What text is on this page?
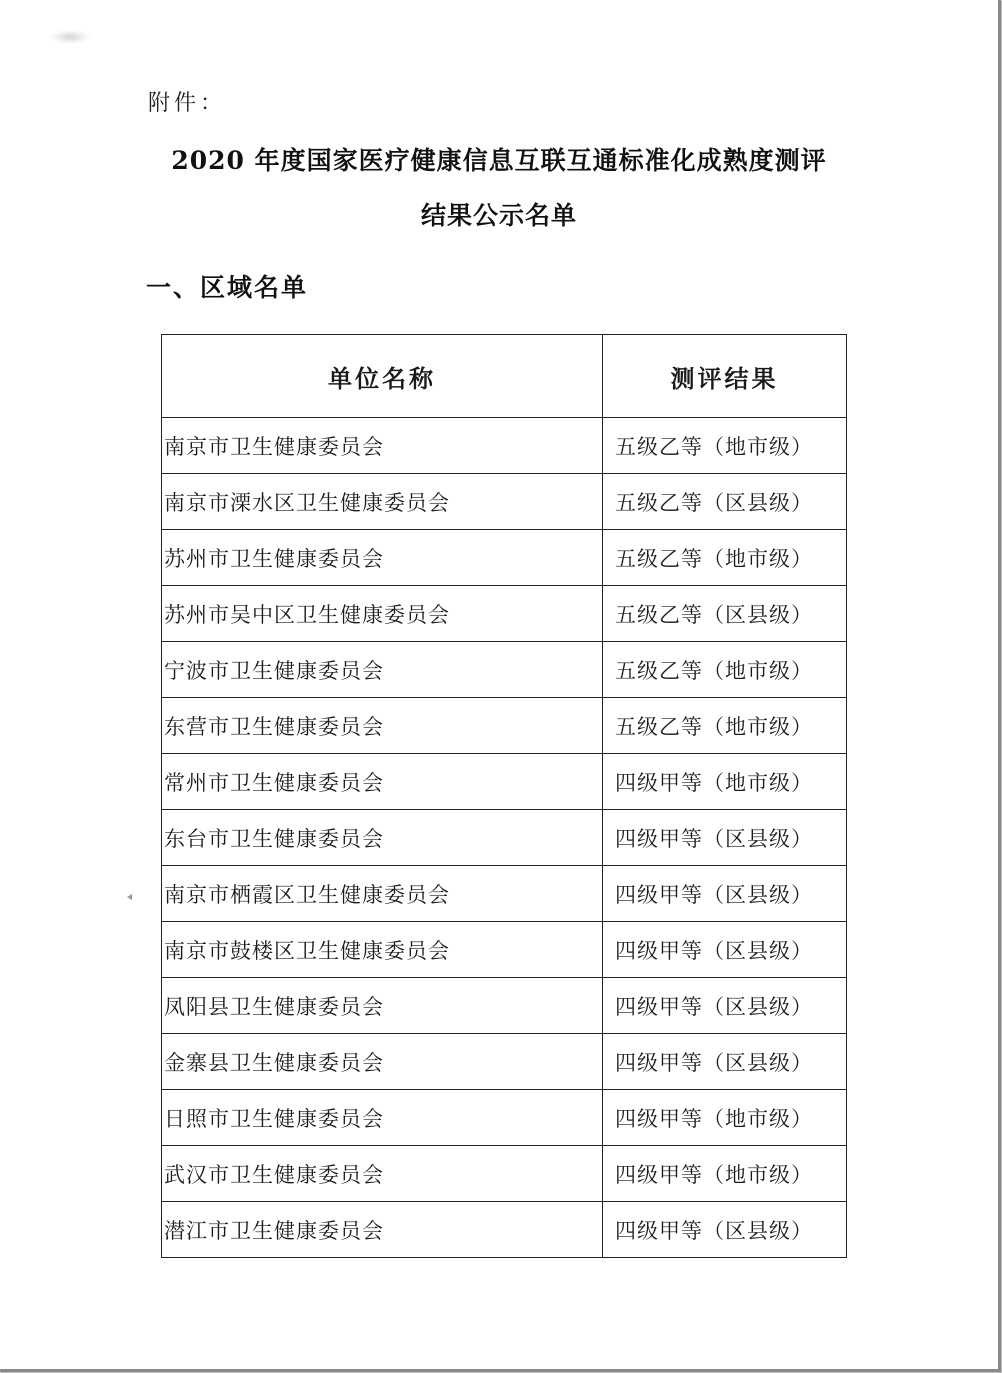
附件：
2020 年度国家医疗健康信息互联互通标准化成熟度测评
结果公示名单
一、区域名单
单位名称	测评结果
南京市卫生健康委员会	五级乙等（地市级）
南京市溧水区卫生健康委员会	五级乙等（区县级）
苏州市卫生健康委员会	五级乙等（地市级）
苏州市吴中区卫生健康委员会	五级乙等（区县级）
宁波市卫生健康委员会	五级乙等（地市级）
东营市卫生健康委员会	五级乙等（地市级）
常州市卫生健康委员会	四级甲等（地市级）
东台市卫生健康委员会	四级甲等（区县级）
南京市栖霞区卫生健康委员会	四级甲等（区县级）
南京市鼓楼区卫生健康委员会	四级甲等（区县级）
凤阳县卫生健康委员会	四级甲等（区县级）
金寨县卫生健康委员会	四级甲等（区县级）
日照市卫生健康委员会	四级甲等（地市级）
武汉市卫生健康委员会	四级甲等（地市级）
潜江市卫生健康委员会	四级甲等（区县级）
